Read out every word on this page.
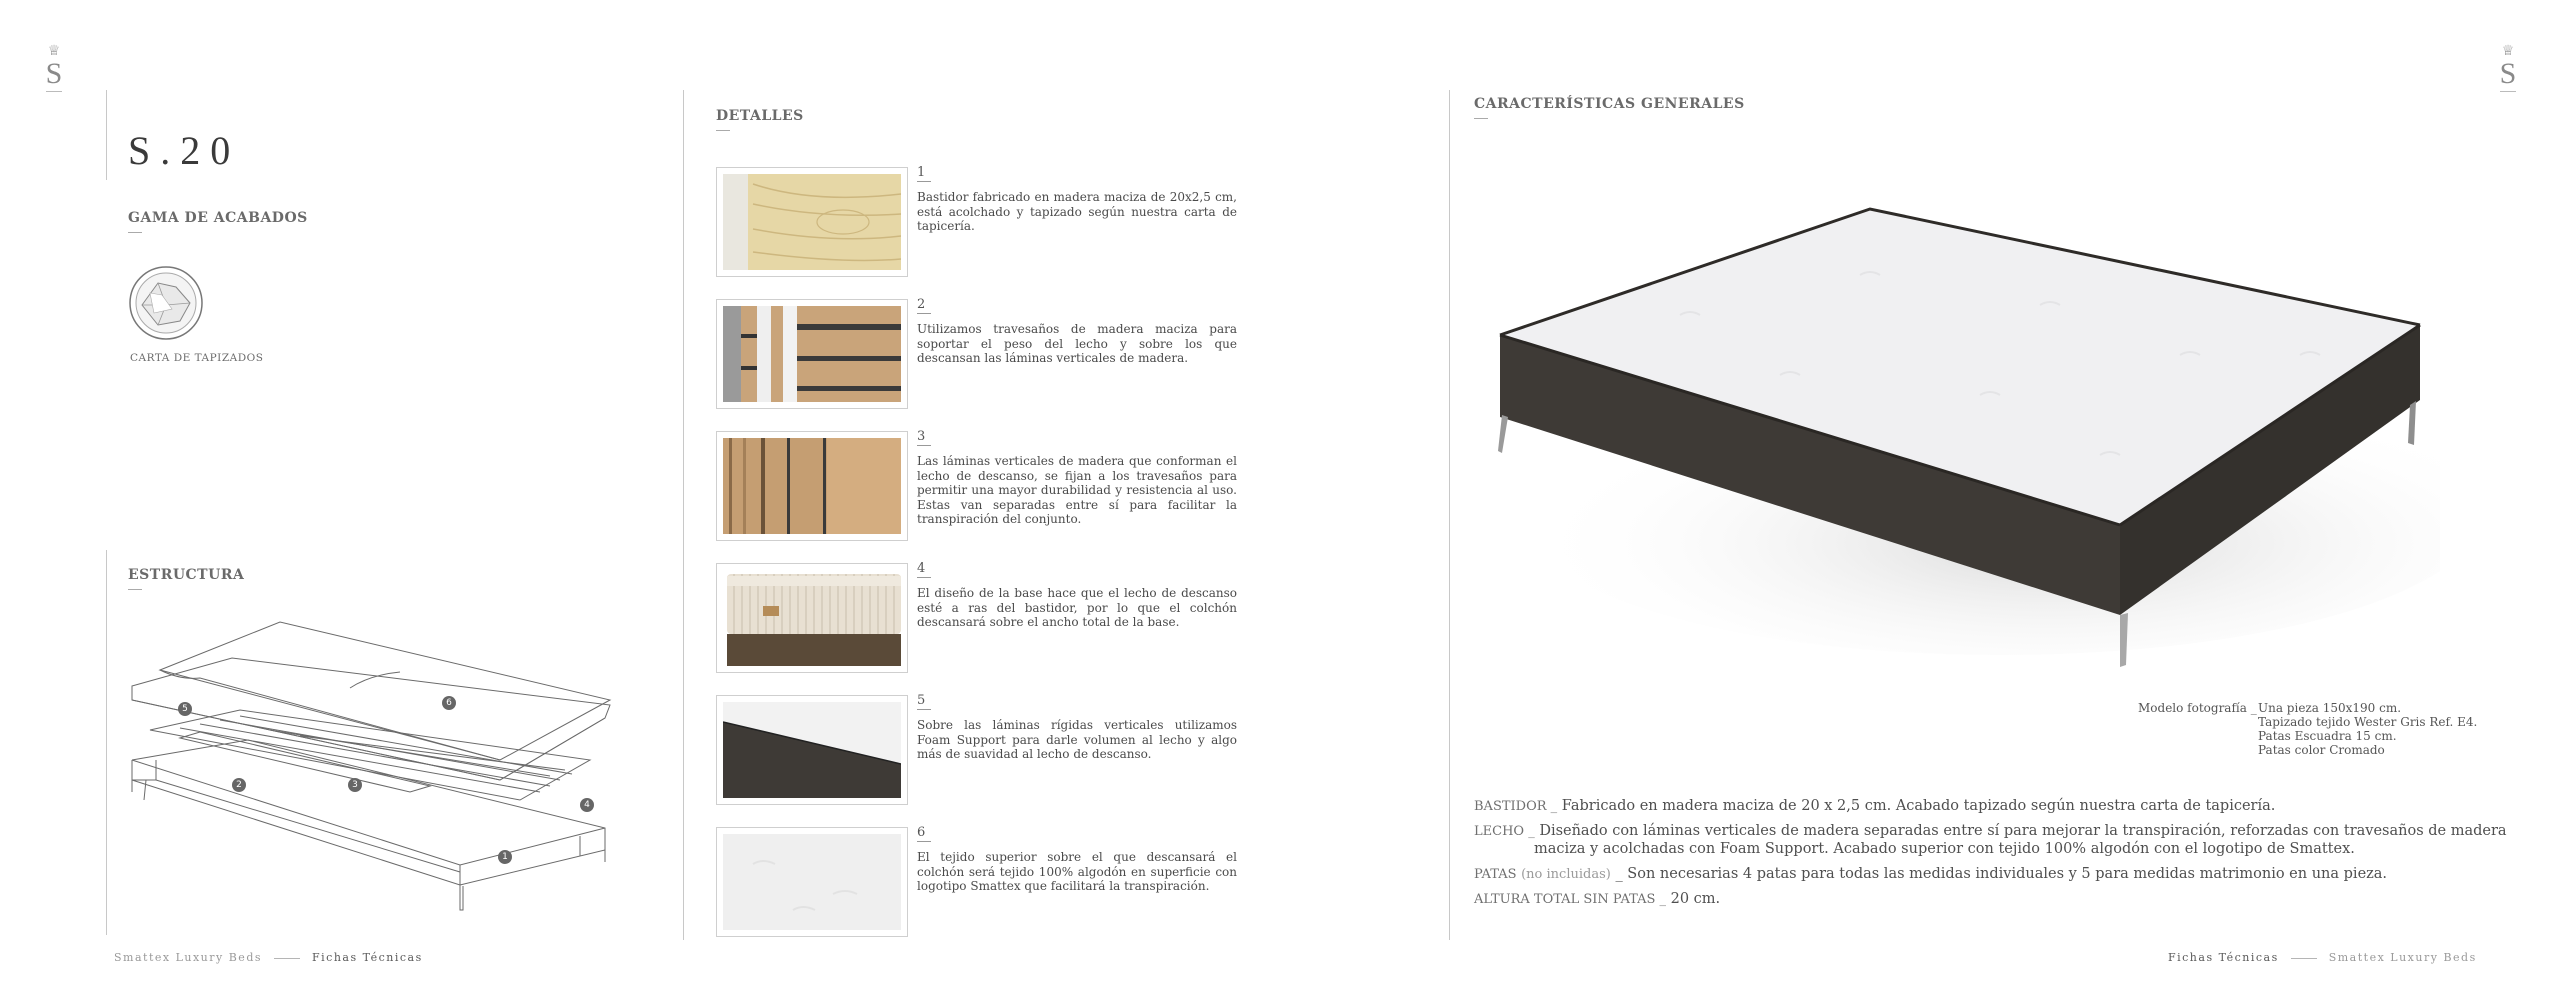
♕
S
♕
S
S.20
GAMA DE ACABADOS
CARTA DE TAPIZADOS
ESTRUCTURA
5
6
2	3
4
1
DETALLES
1
Bastidor fabricado en madera maciza de 20x2,5 cm, está acolchado y tapizado según nuestra carta de tapicería.
2
Utilizamos travesaños de madera maciza para soportar el peso del lecho y sobre los que descansan las láminas verticales de madera.
3
Las láminas verticales de madera que conforman el lecho de descanso, se fijan a los travesaños para permitir una mayor durabilidad y resistencia al uso. Estas van separadas entre sí para facilitar la transpiración del conjunto.
4
El diseño de la base hace que el lecho de descanso esté a ras del bastidor, por lo que el colchón descansará sobre el ancho total de la base.
5
Sobre las láminas rígidas verticales utilizamos Foam Support para darle volumen al lecho y algo más de suavidad al lecho de descanso.
6
El tejido superior sobre el que descansará el colchón será tejido 100% algodón en superficie con logotipo Smattex que facilitará la transpiración.
CARACTERÍSTICAS GENERALES
Modelo fotografía _ Una pieza 150x190 cm.
Tapizado tejido Wester Gris Ref. E4.
Patas Escuadra 15 cm.
Patas color Cromado
BASTIDOR _ Fabricado en madera maciza de 20 x 2,5 cm. Acabado tapizado según nuestra carta de tapicería.
LECHO _ Diseñado con láminas verticales de madera separadas entre sí para mejorar la transpiración, reforzadas con travesaños de madera
maciza y acolchadas con Foam Support. Acabado superior con tejido 100% algodón con el logotipo de Smattex.
PATAS (no incluidas) _ Son necesarias 4 patas para todas las medidas individuales y 5 para medidas matrimonio en una pieza.
ALTURA TOTAL SIN PATAS _ 20 cm.
Smattex Luxury Beds	Fichas Técnicas	Fichas Técnicas	Smattex Luxury Beds
